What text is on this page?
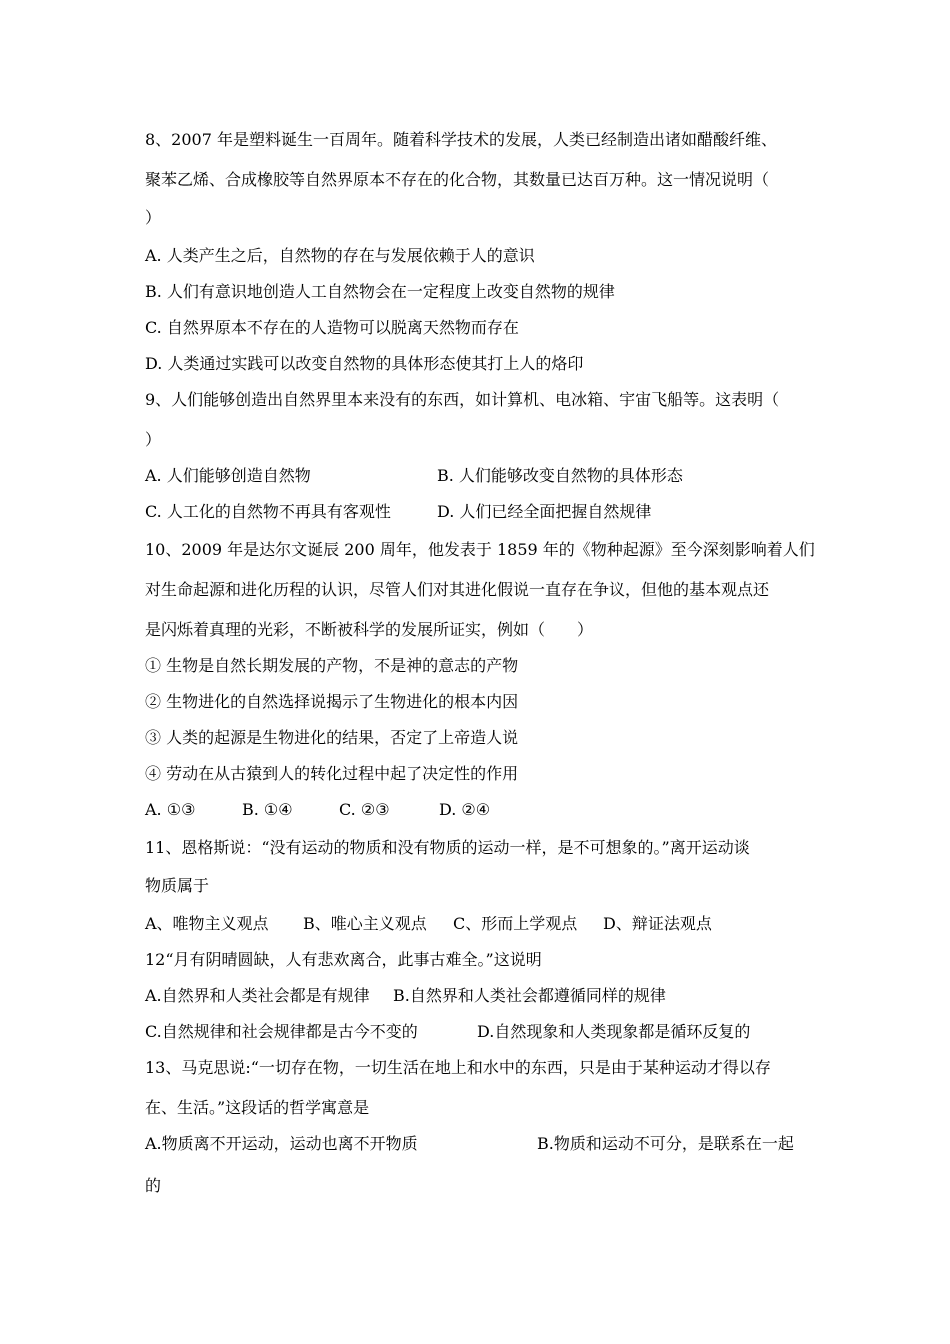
8、2007 年是塑料诞生一百周年。随着科学技术的发展，人类已经制造出诸如醋酸纤维、
聚苯乙烯、合成橡胶等自然界原本不存在的化合物，其数量已达百万种。这一情况说明（
）
A. 人类产生之后，自然物的存在与发展依赖于人的意识
B. 人们有意识地创造人工自然物会在一定程度上改变自然物的规律
C. 自然界原本不存在的人造物可以脱离天然物而存在
D. 人类通过实践可以改变自然物的具体形态使其打上人的烙印
9、人们能够创造出自然界里本来没有的东西，如计算机、电冰箱、宇宙飞船等。这表明（
）
A. 人们能够创造自然物	B. 人们能够改变自然物的具体形态
C. 人工化的自然物不再具有客观性	D. 人们已经全面把握自然规律
10、2009 年是达尔文诞辰 200 周年，他发表于 1859 年的《物种起源》至今深刻影响着人们
对生命起源和进化历程的认识，尽管人们对其进化假说一直存在争议，但他的基本观点还
是闪烁着真理的光彩，不断被科学的发展所证实，例如（　　）
① 生物是自然长期发展的产物，不是神的意志的产物
② 生物进化的自然选择说揭示了生物进化的根本内因
③ 人类的起源是生物进化的结果，否定了上帝造人说
④ 劳动在从古猿到人的转化过程中起了决定性的作用
A. ①③	B. ①④	C. ②③	D. ②④
11、恩格斯说：“没有运动的物质和没有物质的运动一样，是不可想象的。”离开运动谈
物质属于
A、唯物主义观点 B、唯心主义观点 C、形而上学观点 D、辩证法观点
12“月有阴晴圆缺，人有悲欢离合，此事古难全。”这说明
A.自然界和人类社会都是有规律 B.自然界和人类社会都遵循同样的规律
C.自然规律和社会规律都是古今不变的	D.自然现象和人类现象都是循环反复的
13、马克思说:“一切存在物，一切生活在地上和水中的东西，只是由于某种运动才得以存
在、生活。”这段话的哲学寓意是
A.物质离不开运动，运动也离不开物质	B.物质和运动不可分，是联系在一起
的
